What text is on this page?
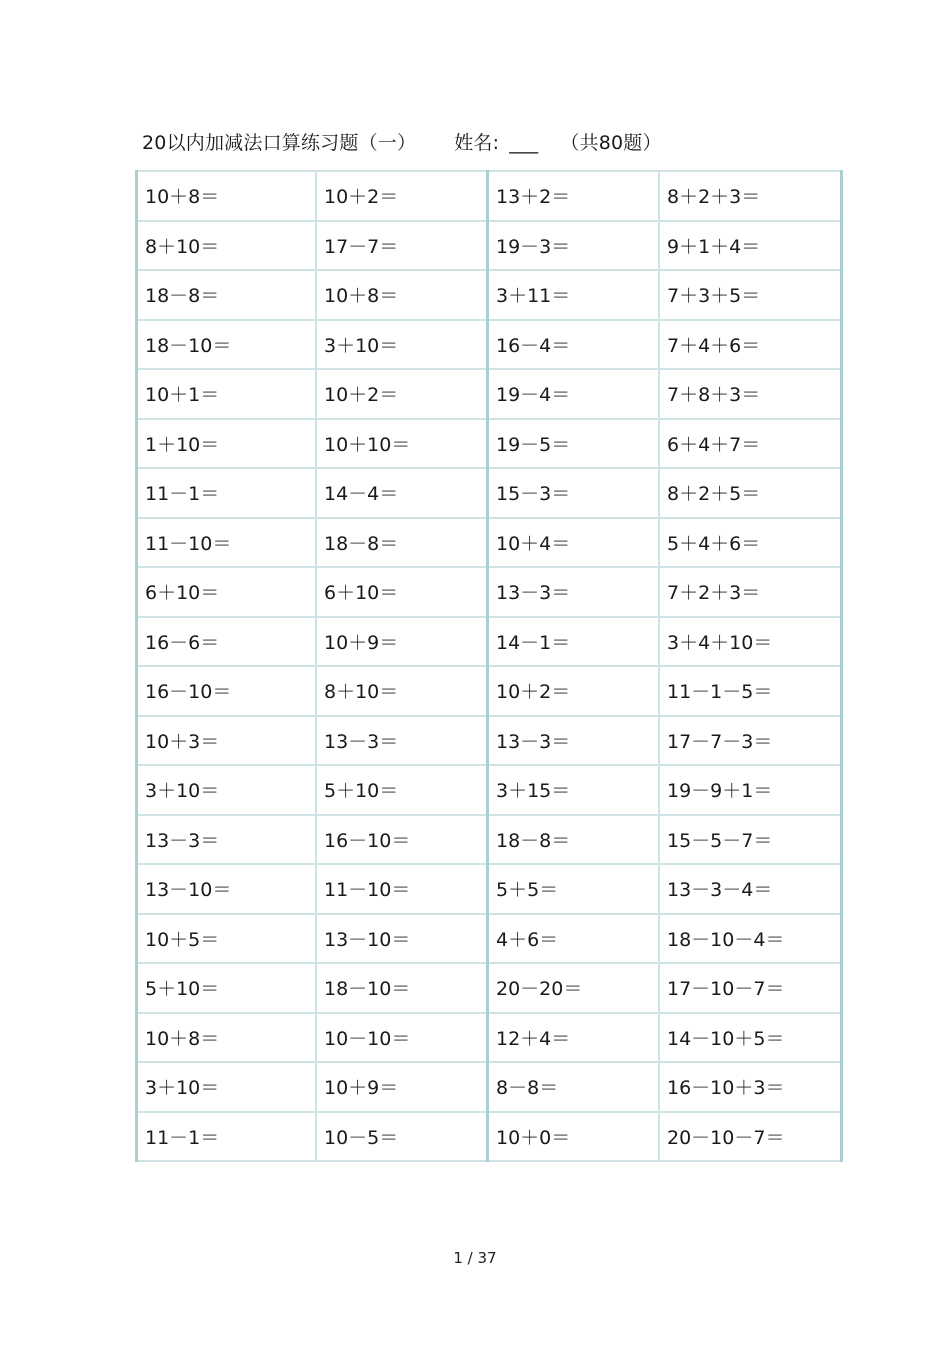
20以内加减法口算练习题（一） 姓名: ___ （共80题）
10＋8＝	10＋2＝	13＋2＝	8＋2＋3＝
8＋10＝	17－7＝	19－3＝	9＋1＋4＝
18－8＝	10＋8＝	3＋11＝	7＋3＋5＝
18－10＝	3＋10＝	16－4＝	7＋4＋6＝
10＋1＝	10＋2＝	19－4＝	7＋8＋3＝
1＋10＝	10＋10＝	19－5＝	6＋4＋7＝
11－1＝	14－4＝	15－3＝	8＋2＋5＝
11－10＝	18－8＝	10＋4＝	5＋4＋6＝
6＋10＝	6＋10＝	13－3＝	7＋2＋3＝
16－6＝	10＋9＝	14－1＝	3＋4＋10＝
16－10＝	8＋10＝	10＋2＝	11－1－5＝
10＋3＝	13－3＝	13－3＝	17－7－3＝
3＋10＝	5＋10＝	3＋15＝	19－9＋1＝
13－3＝	16－10＝	18－8＝	15－5－7＝
13－10＝	11－10＝	5＋5＝	13－3－4＝
10＋5＝	13－10＝	4＋6＝	18－10－4＝
5＋10＝	18－10＝	20－20＝	17－10－7＝
10＋8＝	10－10＝	12＋4＝	14－10＋5＝
3＋10＝	10＋9＝	8－8＝	16－10＋3＝
11－1＝	10－5＝	10＋0＝	20－10－7＝
1 / 37
